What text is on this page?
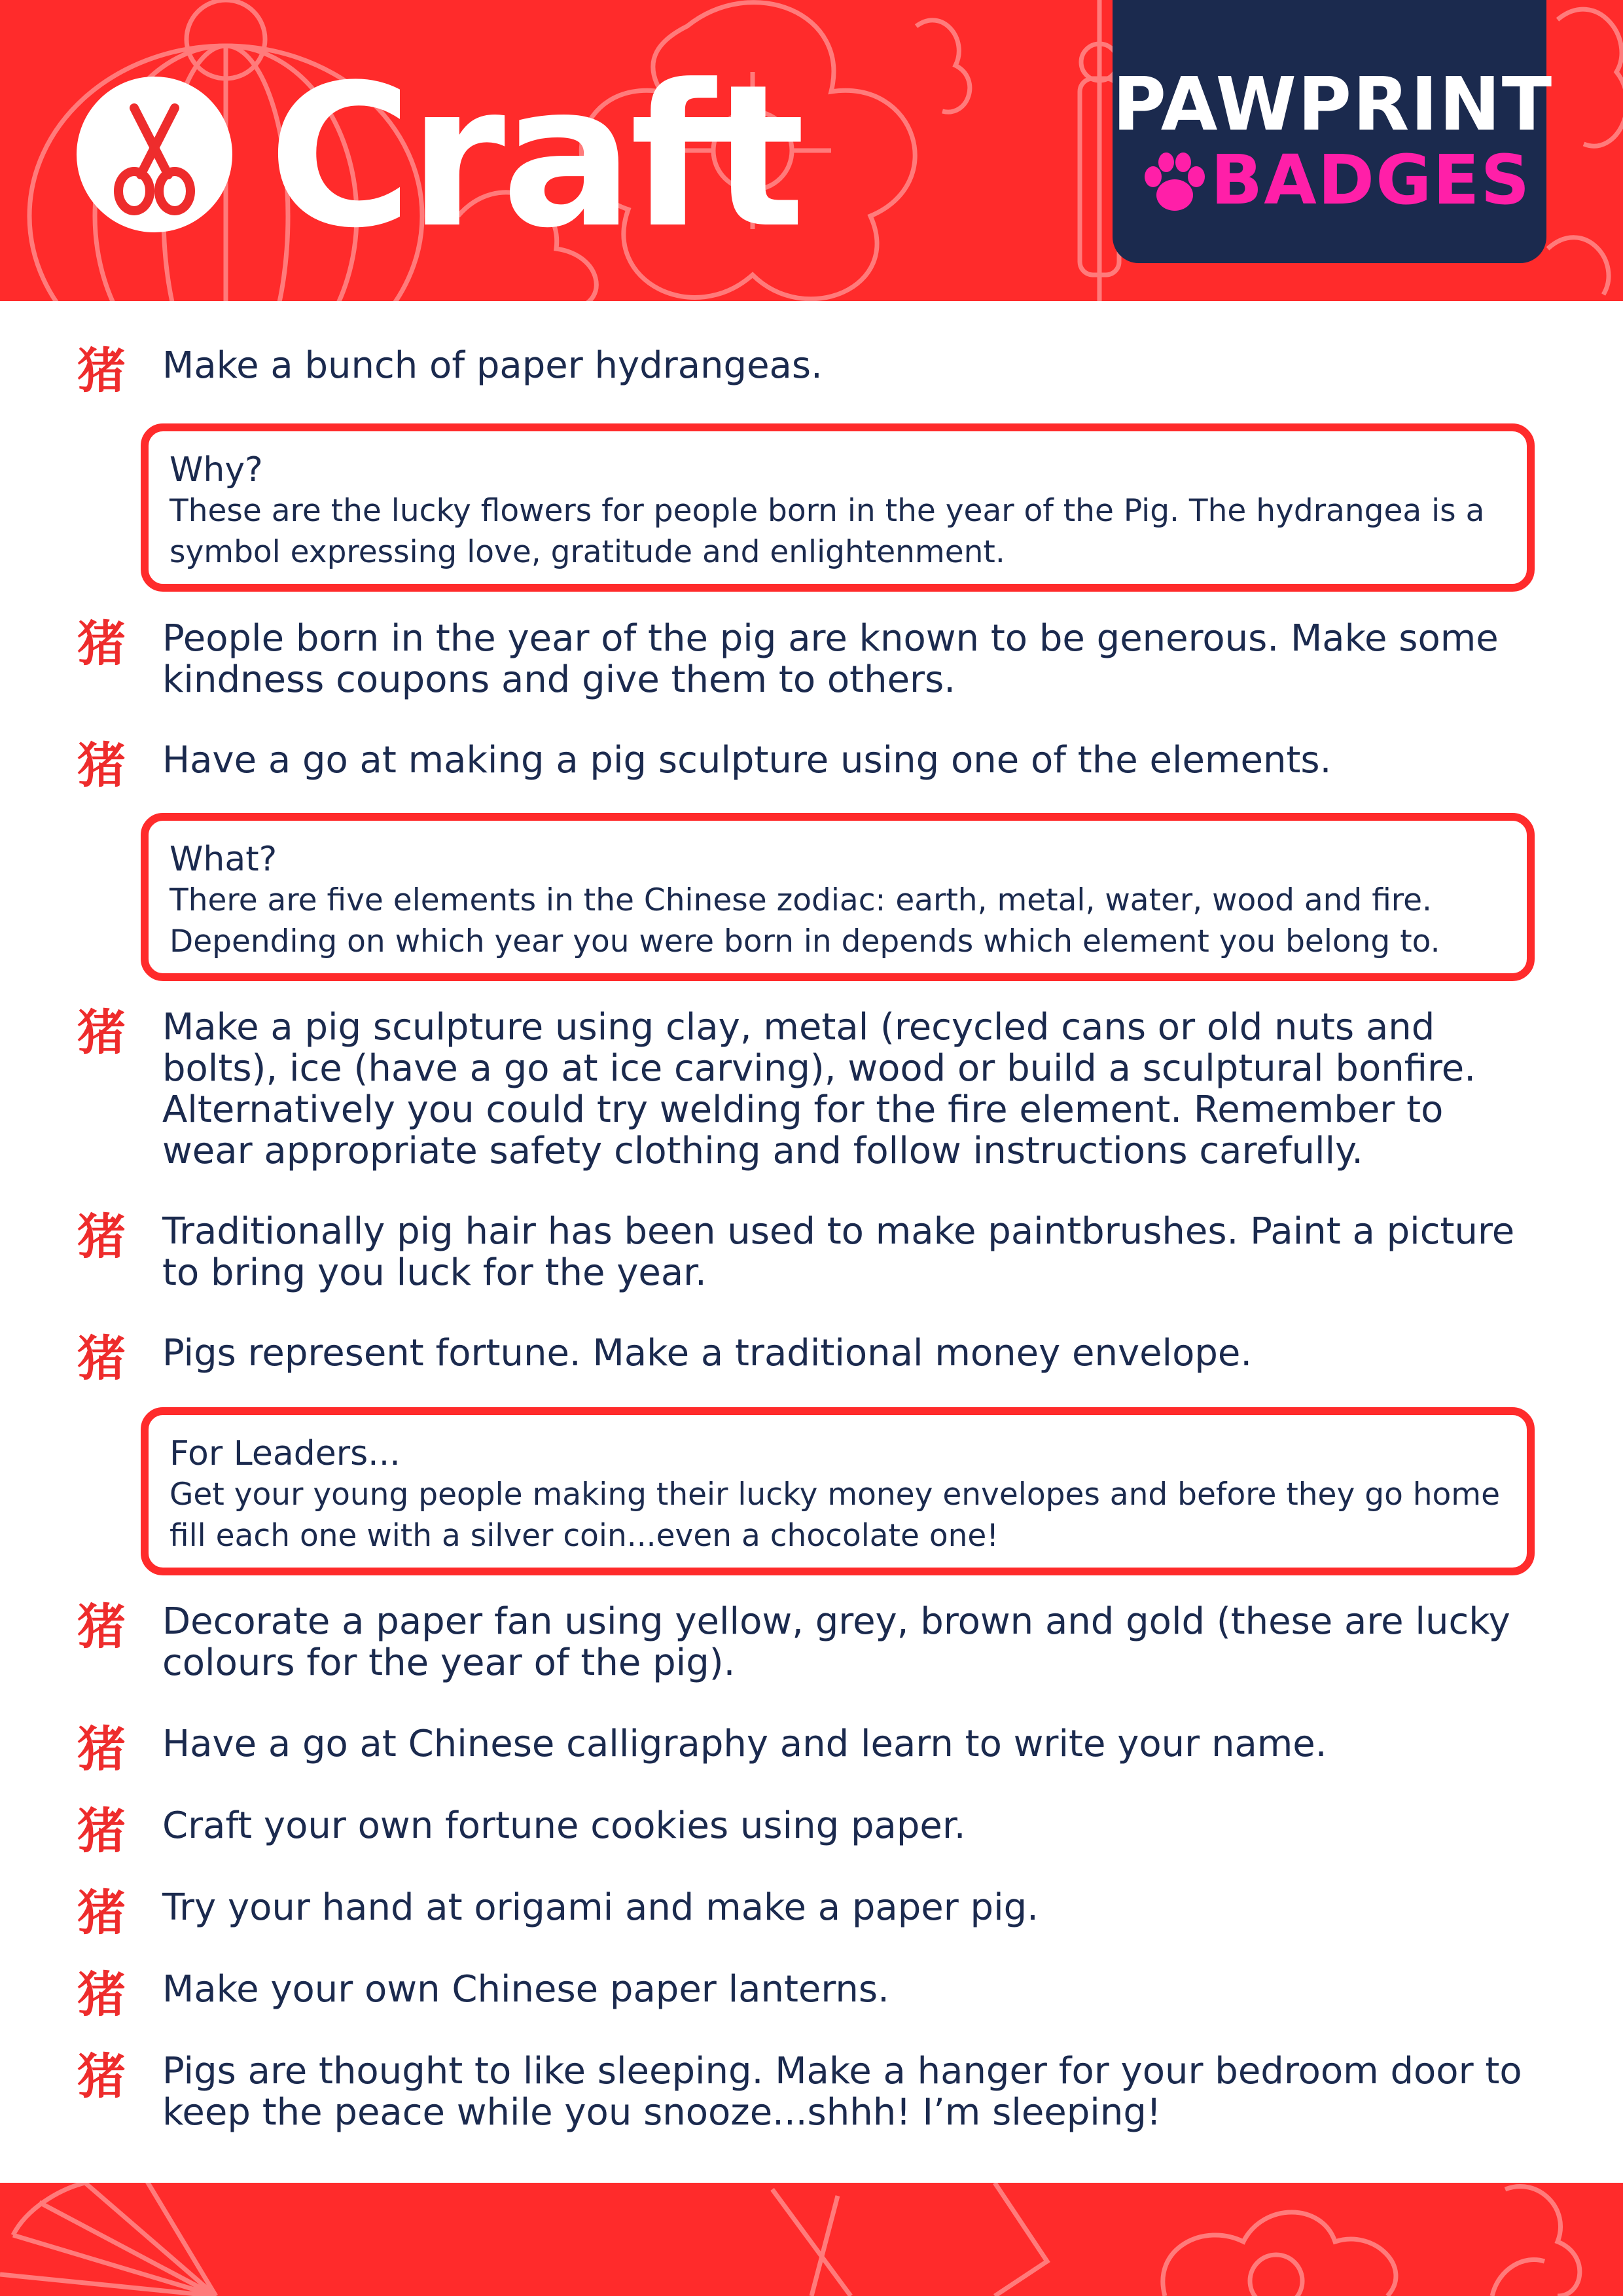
Craft	PAWPRINT
BADGES
猪 Make a bunch of paper hydrangeas.
Why?
These are the lucky flowers for people born in the year of the Pig. The hydrangea is a symbol expressing love, gratitude and enlightenment.
猪 People born in the year of the pig are known to be generous. Make some kindness coupons and give them to others.
猪 Have a go at making a pig sculpture using one of the elements.
What?
There are five elements in the Chinese zodiac: earth, metal, water, wood and fire. Depending on which year you were born in depends which element you belong to.
猪 Make a pig sculpture using clay, metal (recycled cans or old nuts and bolts), ice (have a go at ice carving), wood or build a sculptural bonfire. Alternatively you could try welding for the fire element. Remember to wear appropriate safety clothing and follow instructions carefully.
猪 Traditionally pig hair has been used to make paintbrushes. Paint a picture to bring you luck for the year.
猪 Pigs represent fortune. Make a traditional money envelope.
For Leaders...
Get your young people making their lucky money envelopes and before they go home fill each one with a silver coin...even a chocolate one!
猪 Decorate a paper fan using yellow, grey, brown and gold (these are lucky colours for the year of the pig).
猪 Have a go at Chinese calligraphy and learn to write your name.
猪 Craft your own fortune cookies using paper.
猪 Try your hand at origami and make a paper pig.
猪 Make your own Chinese paper lanterns.
猪 Pigs are thought to like sleeping. Make a hanger for your bedroom door to keep the peace while you snooze...shhh! I’m sleeping!
